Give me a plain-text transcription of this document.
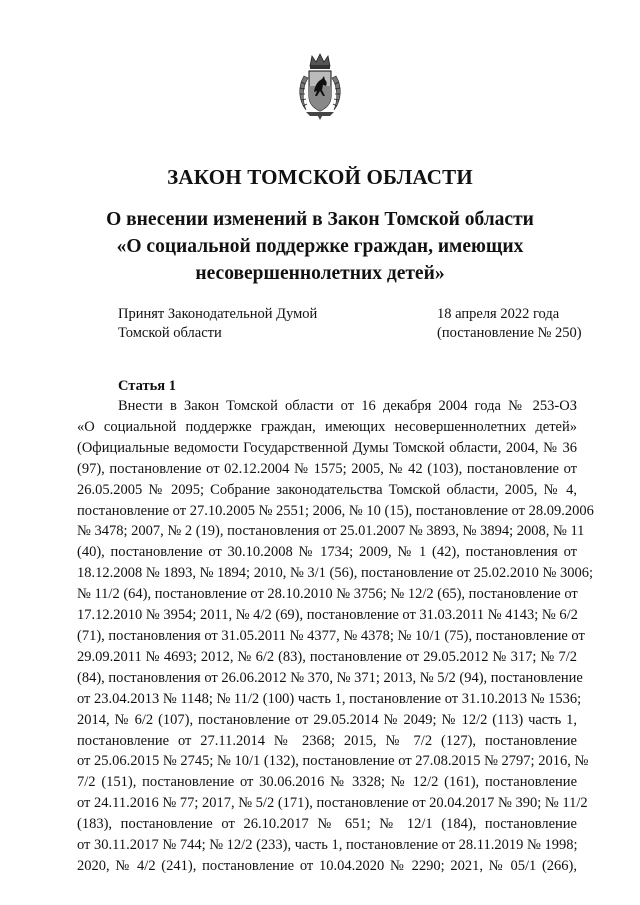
ЗАКОН ТОМСКОЙ ОБЛАСТИ
О внесении изменений в Закон Томской области
«О социальной поддержке граждан, имеющих
несовершеннолетних детей»
Принят Законодательной Думой
Томской области
18 апреля 2022 года
(постановление № 250)
Статья 1
Внести в Закон Томской области от 16 декабря 2004 года № 253-ОЗ
«О социальной поддержке граждан, имеющих несовершеннолетних детей»
(Официальные ведомости Государственной Думы Томской области, 2004, № 36
(97), постановление от 02.12.2004 № 1575; 2005, № 42 (103), постановление от
26.05.2005 № 2095; Собрание законодательства Томской области, 2005, № 4,
постановление от 27.10.2005 № 2551; 2006, № 10 (15), постановление от 28.09.2006
№ 3478; 2007, № 2 (19), постановления от 25.01.2007 № 3893, № 3894; 2008, № 11
(40), постановление от 30.10.2008 № 1734; 2009, № 1 (42), постановления от
18.12.2008 № 1893, № 1894; 2010, № 3/1 (56), постановление от 25.02.2010 № 3006;
№ 11/2 (64), постановление от 28.10.2010 № 3756; № 12/2 (65), постановление от
17.12.2010 № 3954; 2011, № 4/2 (69), постановление от 31.03.2011 № 4143; № 6/2
(71), постановления от 31.05.2011 № 4377, № 4378; № 10/1 (75), постановление от
29.09.2011 № 4693; 2012, № 6/2 (83), постановление от 29.05.2012 № 317; № 7/2
(84), постановления от 26.06.2012 № 370, № 371; 2013, № 5/2 (94), постановление
от 23.04.2013 № 1148; № 11/2 (100) часть 1, постановление от 31.10.2013 № 1536;
2014, № 6/2 (107), постановление от 29.05.2014 № 2049; № 12/2 (113) часть 1,
постановление от 27.11.2014 № 2368; 2015, № 7/2 (127), постановление
от 25.06.2015 № 2745; № 10/1 (132), постановление от 27.08.2015 № 2797; 2016, №
7/2 (151), постановление от 30.06.2016 № 3328; № 12/2 (161), постановление
от 24.11.2016 № 77; 2017, № 5/2 (171), постановление от 20.04.2017 № 390; № 11/2
(183), постановление от 26.10.2017 № 651; № 12/1 (184), постановление
от 30.11.2017 № 744; № 12/2 (233), часть 1, постановление от 28.11.2019 № 1998;
2020, № 4/2 (241), постановление от 10.04.2020 № 2290; 2021, № 05/1 (266),
